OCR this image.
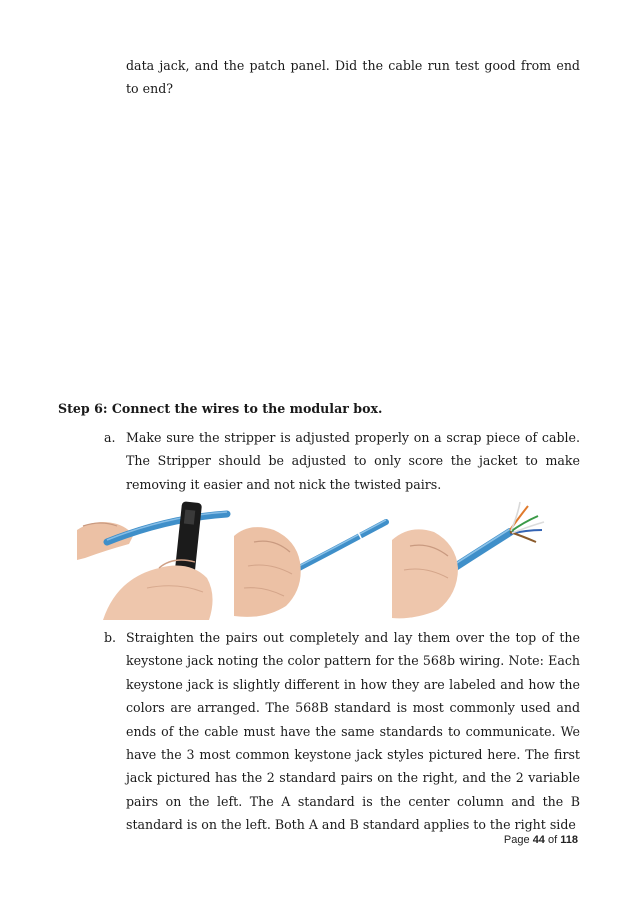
data jack, and the patch panel. Did the cable run test good from end to end?

Step 6: Connect the wires to the modular box.

a. Make sure the stripper is adjusted properly on a scrap piece of cable. The Stripper should be adjusted to only score the jacket to make removing it easier and not nick the twisted pairs.
b. Straighten the pairs out completely and lay them over the top of the keystone jack noting the color pattern for the 568b wiring. Note: Each keystone jack is slightly different in how they are labeled and how the colors are arranged. The 568B standard is most commonly used and ends of the cable must have the same standards to communicate. We have the 3 most common keystone jack styles pictured here. The first jack pictured has the 2 standard pairs on the right, and the 2 variable pairs on the left. The A standard is the center column and the B standard is on the left. Both A and B standard applies to the right side
Page 44 of 118
